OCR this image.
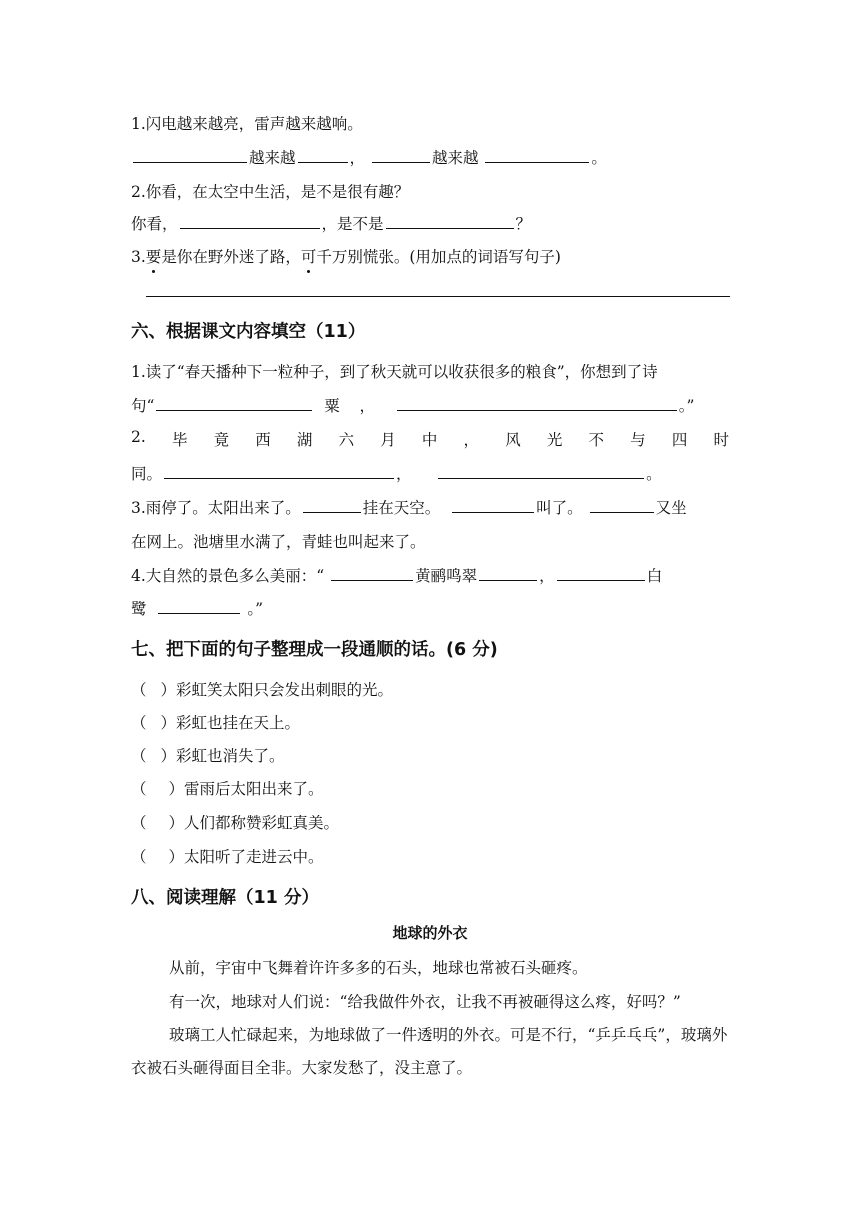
1.闪电越来越亮，雷声越来越响。
越来越	，	越来越	。
2.你看，在太空中生活，是不是很有趣？
你看，	，是不是	？
3.要是你在野外迷了路，可千万别慌张。(用加点的词语写句子)
六、根据课文内容填空（11）
1.读了“春天播种下一粒种子，到了秋天就可以收获很多的粮食”，你想到了诗
句“	粟 ，	。”
2. 毕 竟 西 湖 六 月 中 ， 风 光 不 与 四 时
同。	，	。
3.雨停了。太阳出来了。	挂在天空。	叫了。	又坐
在网上。池塘里水满了，青蛙也叫起来了。
4.大自然的景色多么美丽：“	黄鹂鸣翠	，	白
鹭	。”
七、把下面的句子整理成一段通顺的话。(6 分)
（ ）彩虹笑太阳只会发出刺眼的光。
（ ）彩虹也挂在天上。
（ ）彩虹也消失了。
（ ）雷雨后太阳出来了。
（ ）人们都称赞彩虹真美。
（ ）太阳听了走进云中。
八、阅读理解（11 分）
地球的外衣
从前，宇宙中飞舞着许许多多的石头，地球也常被石头砸疼。
有一次，地球对人们说：“给我做件外衣，让我不再被砸得这么疼，好吗？”
玻璃工人忙碌起来，为地球做了一件透明的外衣。可是不行，“乒乒乓乓”，玻璃外衣被石头砸得面目全非。大家发愁了，没主意了。
